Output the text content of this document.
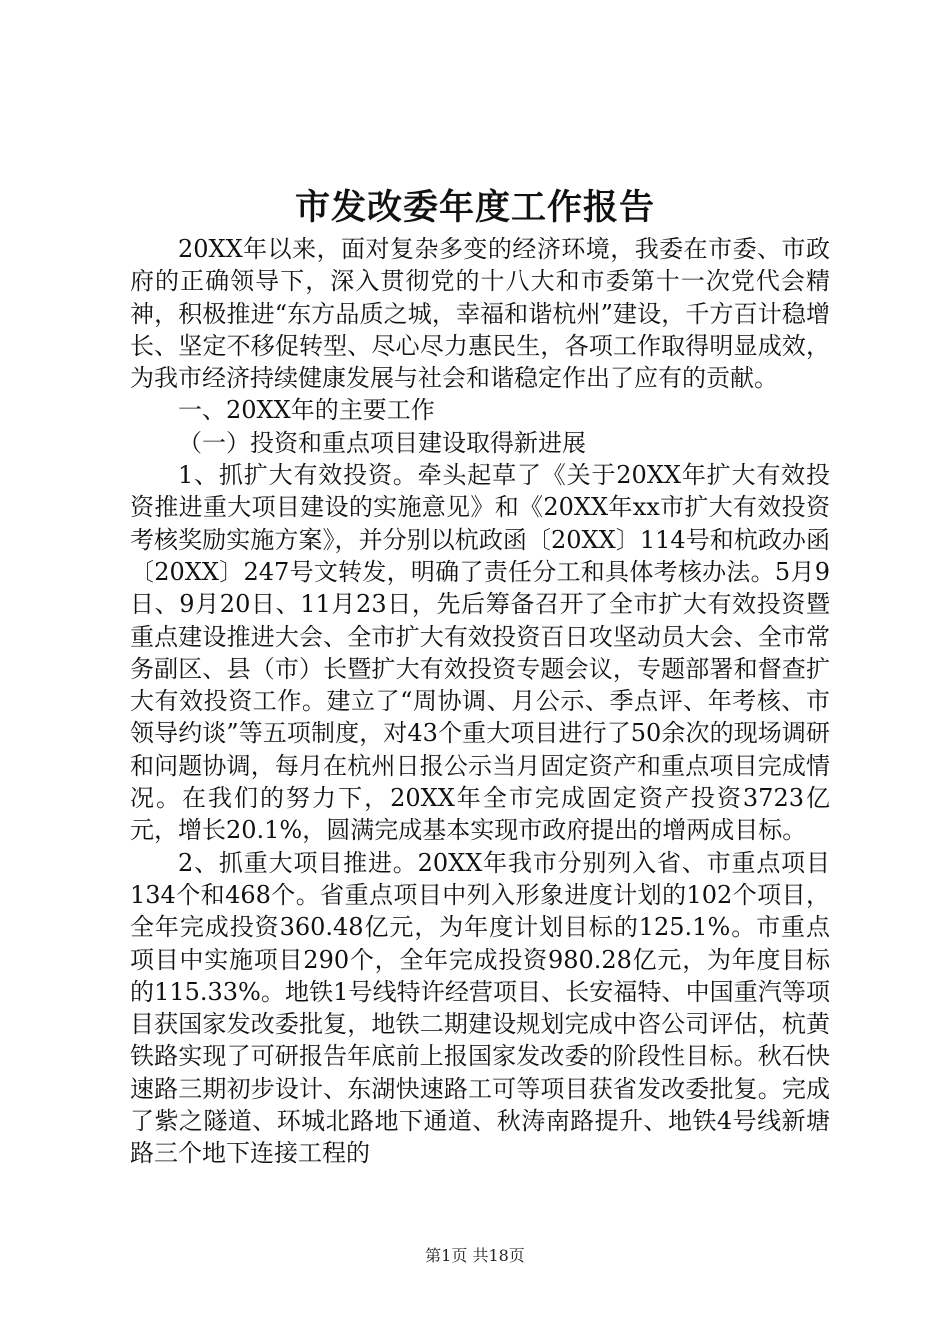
市发改委年度工作报告

20XX年以来，面对复杂多变的经济环境，我委在市委、市政府的正确领导下，深入贯彻党的十八大和市委第十一次党代会精神，积极推进“东方品质之城，幸福和谐杭州”建设，千方百计稳增长、坚定不移促转型、尽心尽力惠民生，各项工作取得明显成效，为我市经济持续健康发展与社会和谐稳定作出了应有的贡献。

一、20XX年的主要工作

（一）投资和重点项目建设取得新进展

1、抓扩大有效投资。牵头起草了《关于20XX年扩大有效投资推进重大项目建设的实施意见》和《20XX年xx市扩大有效投资考核奖励实施方案》，并分别以杭政函〔20XX〕114号和杭政办函〔20XX〕247号文转发，明确了责任分工和具体考核办法。5月9日、9月20日、11月23日，先后筹备召开了全市扩大有效投资暨重点建设推进大会、全市扩大有效投资百日攻坚动员大会、全市常务副区、县（市）长暨扩大有效投资专题会议，专题部署和督查扩大有效投资工作。建立了“周协调、月公示、季点评、年考核、市领导约谈”等五项制度，对43个重大项目进行了50余次的现场调研和问题协调，每月在杭州日报公示当月固定资产和重点项目完成情况。在我们的努力下，20XX年全市完成固定资产投资3723亿元，增长20.1%，圆满完成基本实现市政府提出的增两成目标。

2、抓重大项目推进。20XX年我市分别列入省、市重点项目134个和468个。省重点项目中列入形象进度计划的102个项目，全年完成投资360.48亿元，为年度计划目标的125.1%。市重点项目中实施项目290个，全年完成投资980.28亿元，为年度目标的115.33%。地铁1号线特许经营项目、长安福特、中国重汽等项目获国家发改委批复，地铁二期建设规划完成中咨公司评估，杭黄铁路实现了可研报告年底前上报国家发改委的阶段性目标。秋石快速路三期初步设计、东湖快速路工可等项目获省发改委批复。完成了紫之隧道、环城北路地下通道、秋涛南路提升、地铁4号线新塘路三个地下连接工程的

第1页 共18页
